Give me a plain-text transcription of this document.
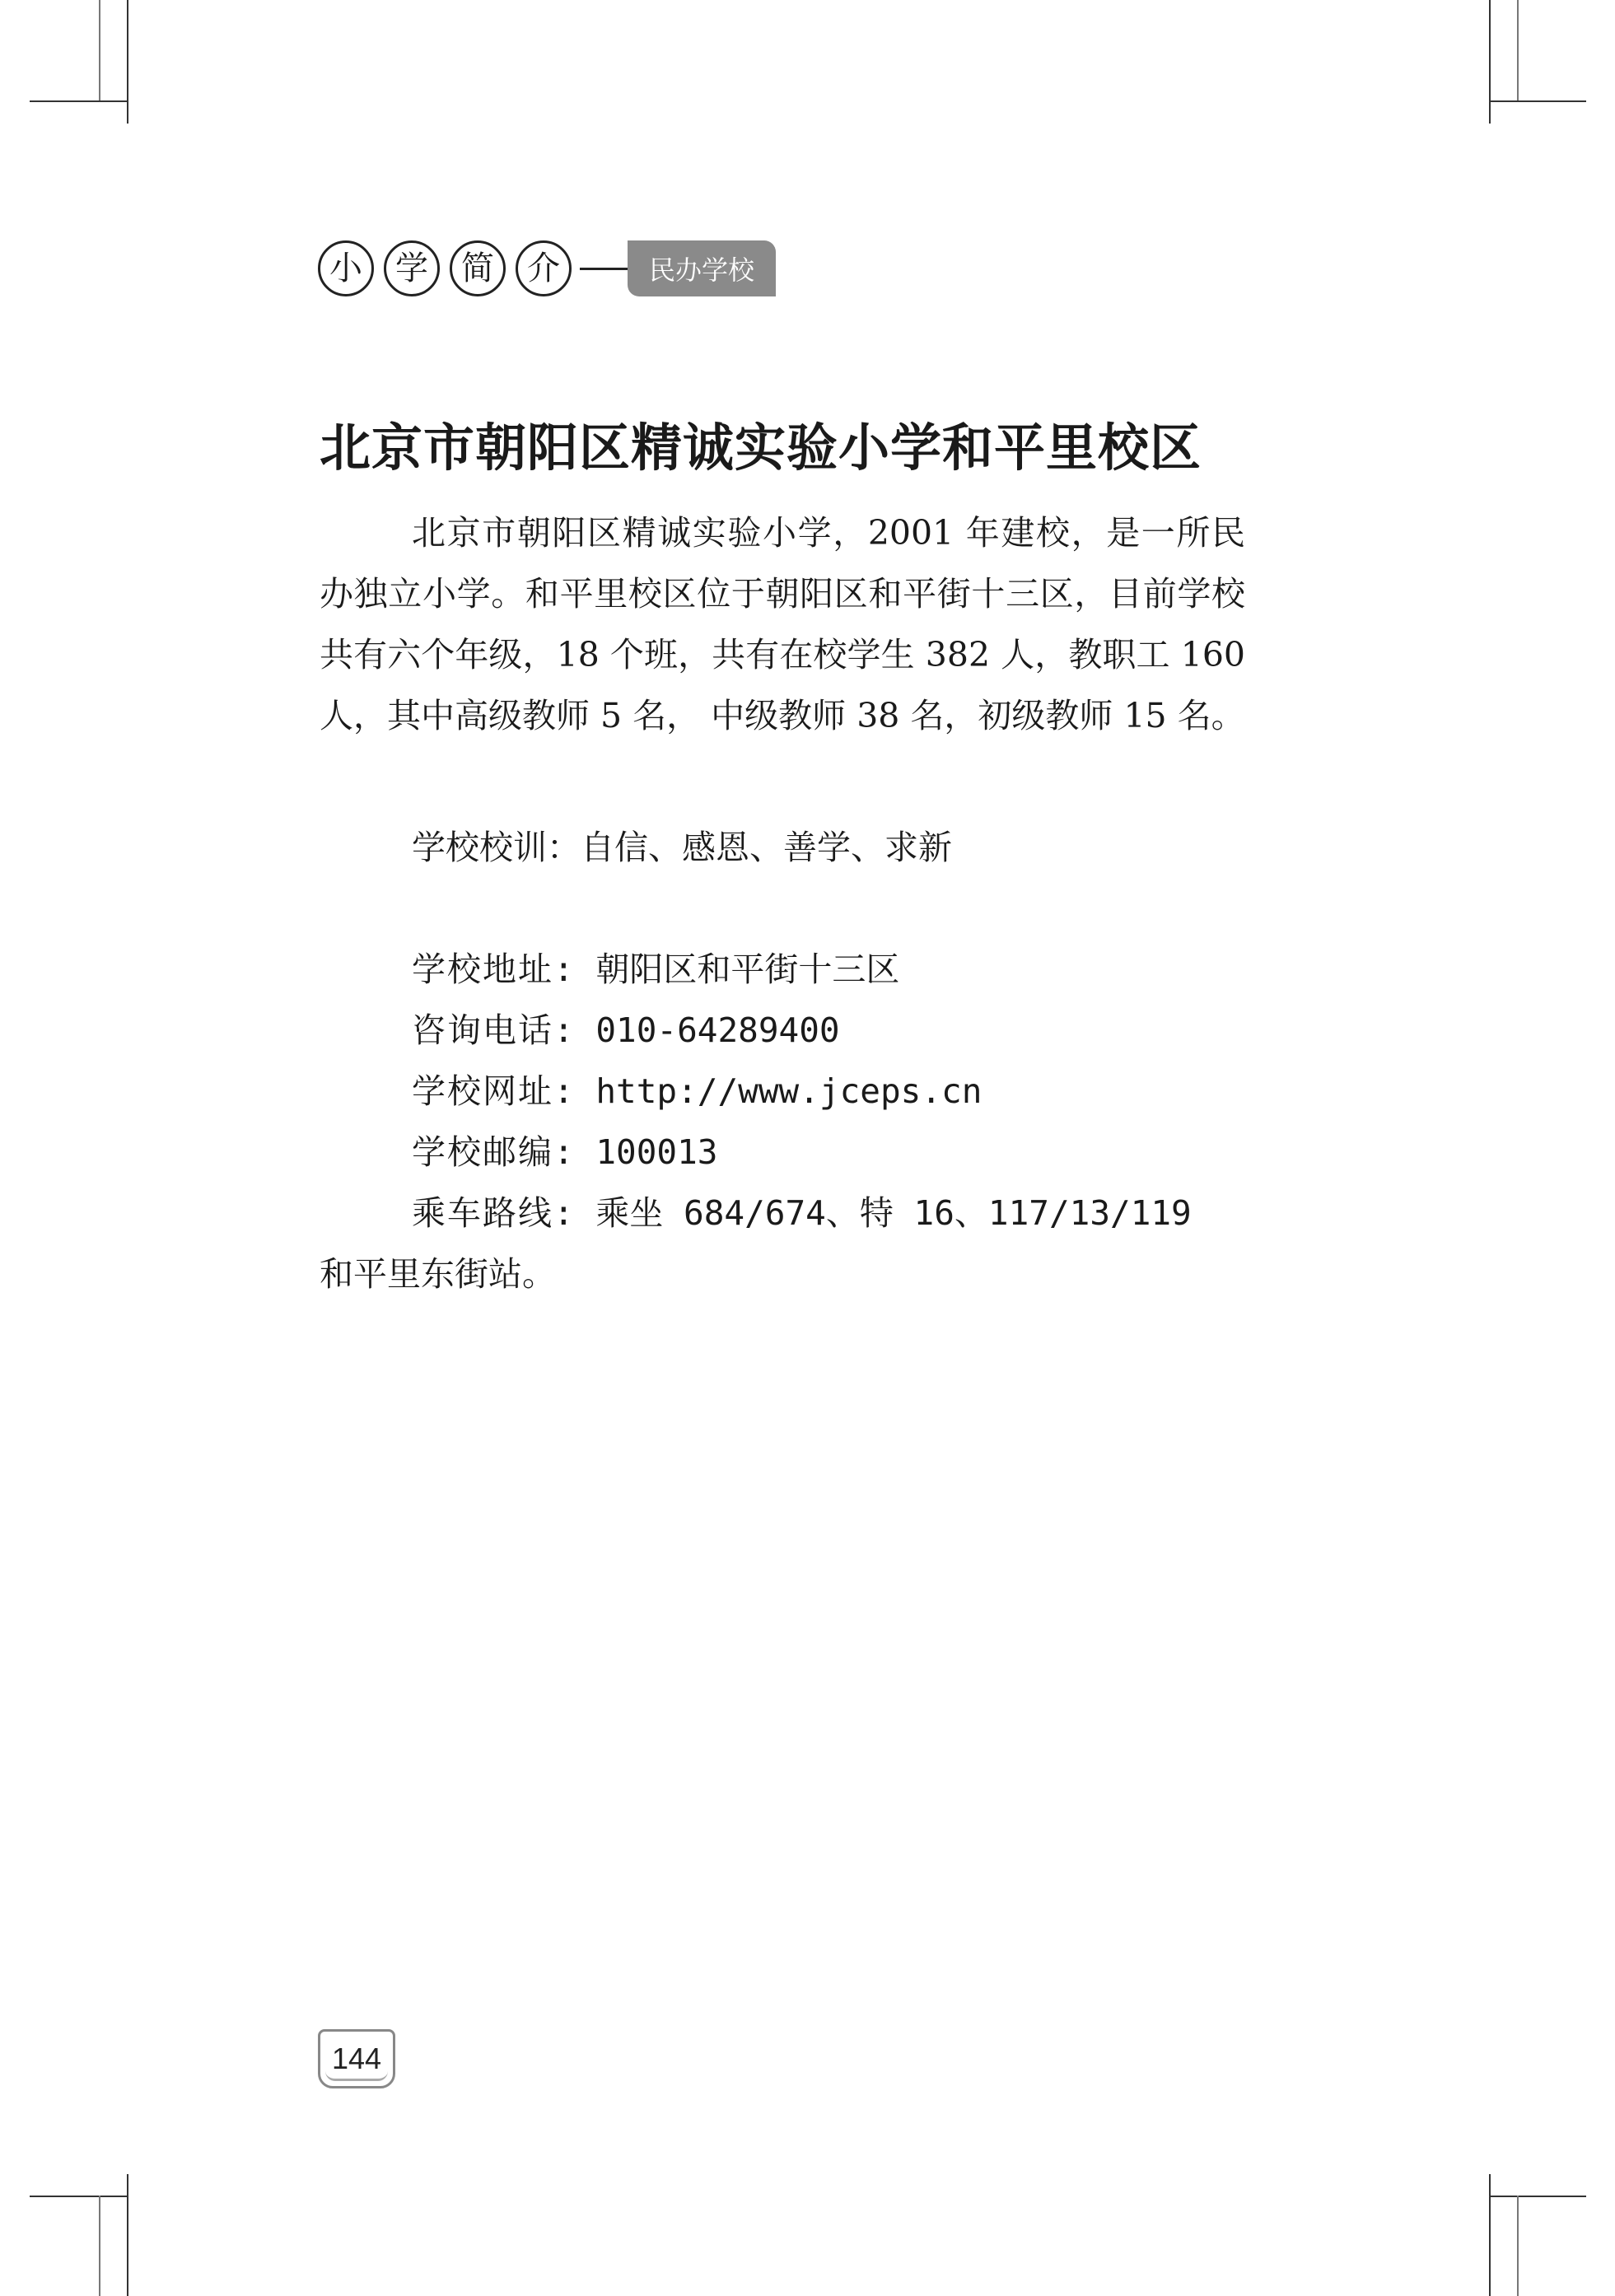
小	学	简	介	民办学校
北京市朝阳区精诚实验小学和平里校区

北京市朝阳区精诚实验小学，2001 年建校，是一所民办独立小学。和平里校区位于朝阳区和平街十三区，目前学校共有六个年级，18 个班，共有在校学生 382 人，教职工 160 人，其中高级教师 5 名， 中级教师 38 名，初级教师 15 名。

学校校训：自信、感恩、善学、求新

学校地址: 朝阳区和平街十三区
咨询电话: 010-64289400
学校网址: http://www.jceps.cn
学校邮编: 100013
乘车路线: 乘坐 684/674、特 16、117/13/119 和平里东街站。
144
